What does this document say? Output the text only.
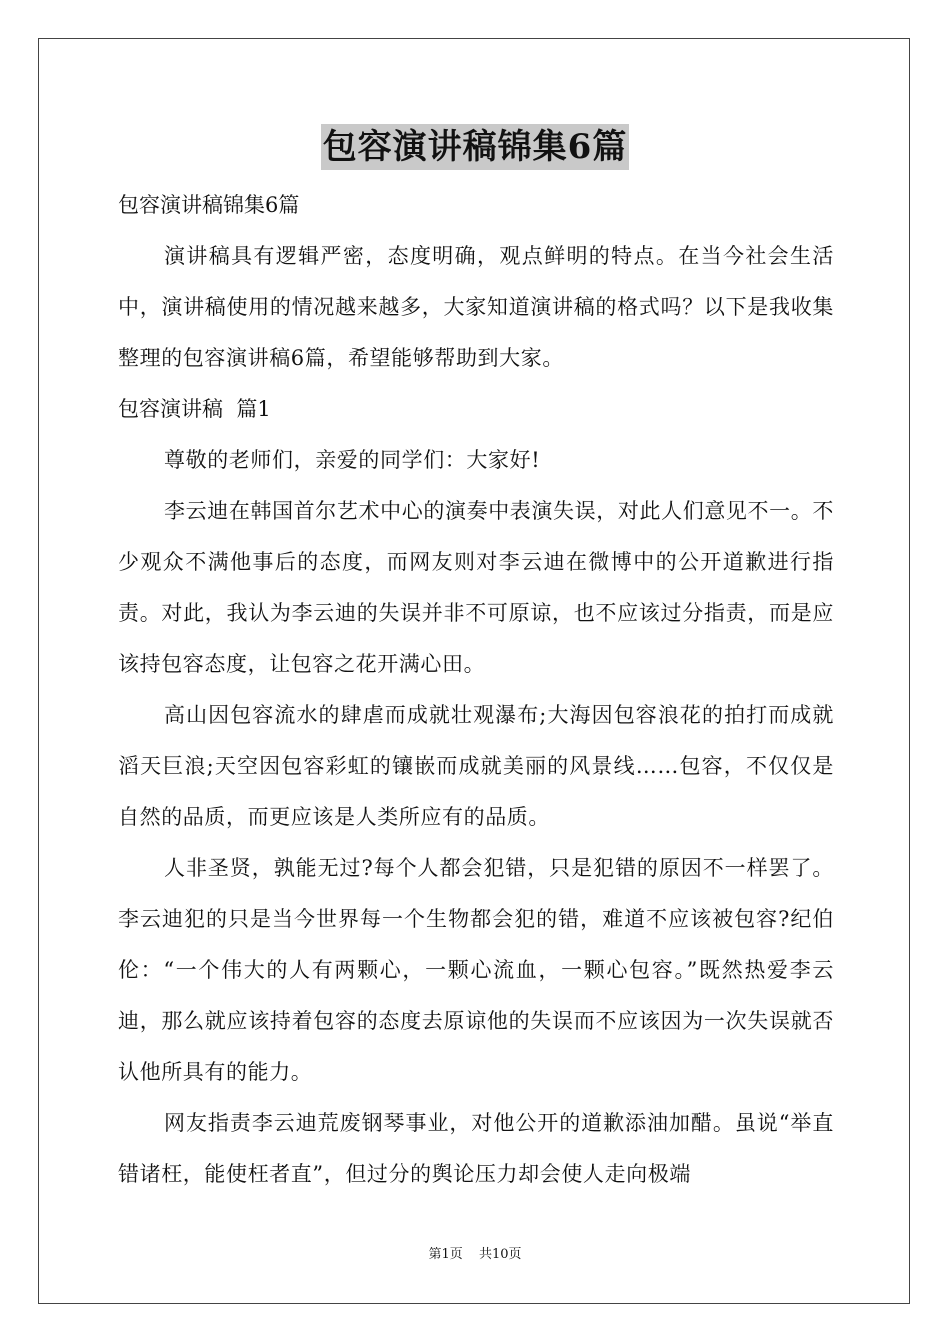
包容演讲稿锦集6篇

包容演讲稿锦集6篇

演讲稿具有逻辑严密，态度明确，观点鲜明的特点。在当今社会生活中，演讲稿使用的情况越来越多，大家知道演讲稿的格式吗？以下是我收集整理的包容演讲稿6篇，希望能够帮助到大家。

包容演讲稿  篇1

尊敬的老师们，亲爱的同学们：大家好!

李云迪在韩国首尔艺术中心的演奏中表演失误，对此人们意见不一。不少观众不满他事后的态度，而网友则对李云迪在微博中的公开道歉进行指责。对此，我认为李云迪的失误并非不可原谅，也不应该过分指责，而是应该持包容态度，让包容之花开满心田。

高山因包容流水的肆虐而成就壮观瀑布;大海因包容浪花的拍打而成就滔天巨浪;天空因包容彩虹的镶嵌而成就美丽的风景线……包容，不仅仅是自然的品质，而更应该是人类所应有的品质。

人非圣贤，孰能无过?每个人都会犯错，只是犯错的原因不一样罢了。李云迪犯的只是当今世界每一个生物都会犯的错，难道不应该被包容?纪伯伦：“一个伟大的人有两颗心，一颗心流血，一颗心包容。”既然热爱李云迪，那么就应该持着包容的态度去原谅他的失误而不应该因为一次失误就否认他所具有的能力。

网友指责李云迪荒废钢琴事业，对他公开的道歉添油加醋。虽说“举直错诸枉，能使枉者直”，但过分的舆论压力却会使人走向极端

第1页 共10页
